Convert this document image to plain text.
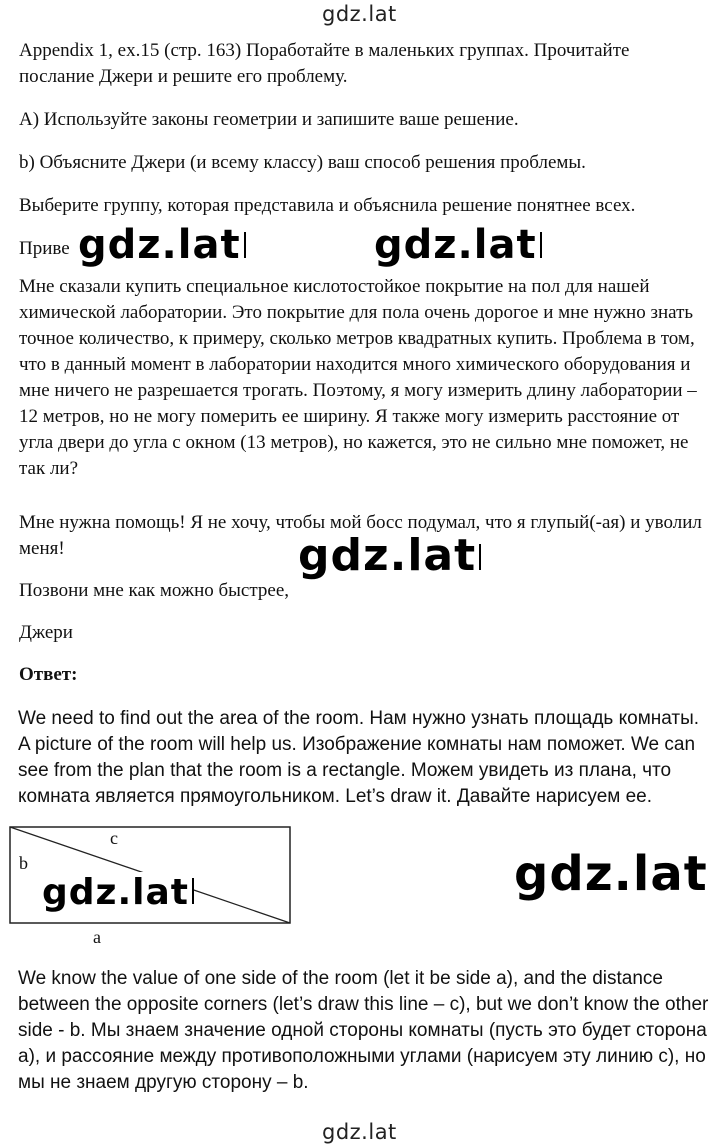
gdz.lat

Appendix 1, ex.15 (стр. 163) Поработайте в маленьких группах. Прочитайте послание Джери и решите его проблему.

A) Используйте законы геометрии и запишите ваше решение.

b) Объясните Джери (и всему классу) ваш способ решения проблемы.

Выберите группу, которая представила и объяснила решение понятнее всех.

Приве gdz.lat	gdz.lat

Мне сказали купить специальное кислотостойкое покрытие на пол для нашей химической лаборатории. Это покрытие для пола очень дорогое и мне нужно знать точное количество, к примеру, сколько метров квадратных купить. Проблема в том, что в данный момент в лаборатории находится много химического оборудования и мне ничего не разрешается трогать. Поэтому, я могу измерить длину лаборатории – 12 метров, но не могу померить ее ширину. Я также могу измерить расстояние от угла двери до угла с окном (13 метров), но кажется, это не сильно мне поможет, не так ли?

Мне нужна помощь! Я не хочу, чтобы мой босс подумал, что я глупый(-ая) и уволил меня!	gdz.lat

Позвони мне как можно быстрее,

Джери

Ответ:

We need to find out the area of the room. Нам нужно узнать площадь комнаты. A picture of the room will help us. Изображение комнаты нам поможет. We can see from the plan that the room is a rectangle. Можем увидеть из плана, что комната является прямоугольником. Let’s draw it. Давайте нарисуем ее.

c
b
a
gdz.lat	gdz.lat

We know the value of one side of the room (let it be side a), and the distance between the opposite corners (let’s draw this line – c), but we don’t know the other side - b. Мы знаем значение одной стороны комнаты (пусть это будет сторона а), и рассояние между противоположными углами (нарисуем эту линию с), но мы не знаем другую сторону – b.

gdz.lat
